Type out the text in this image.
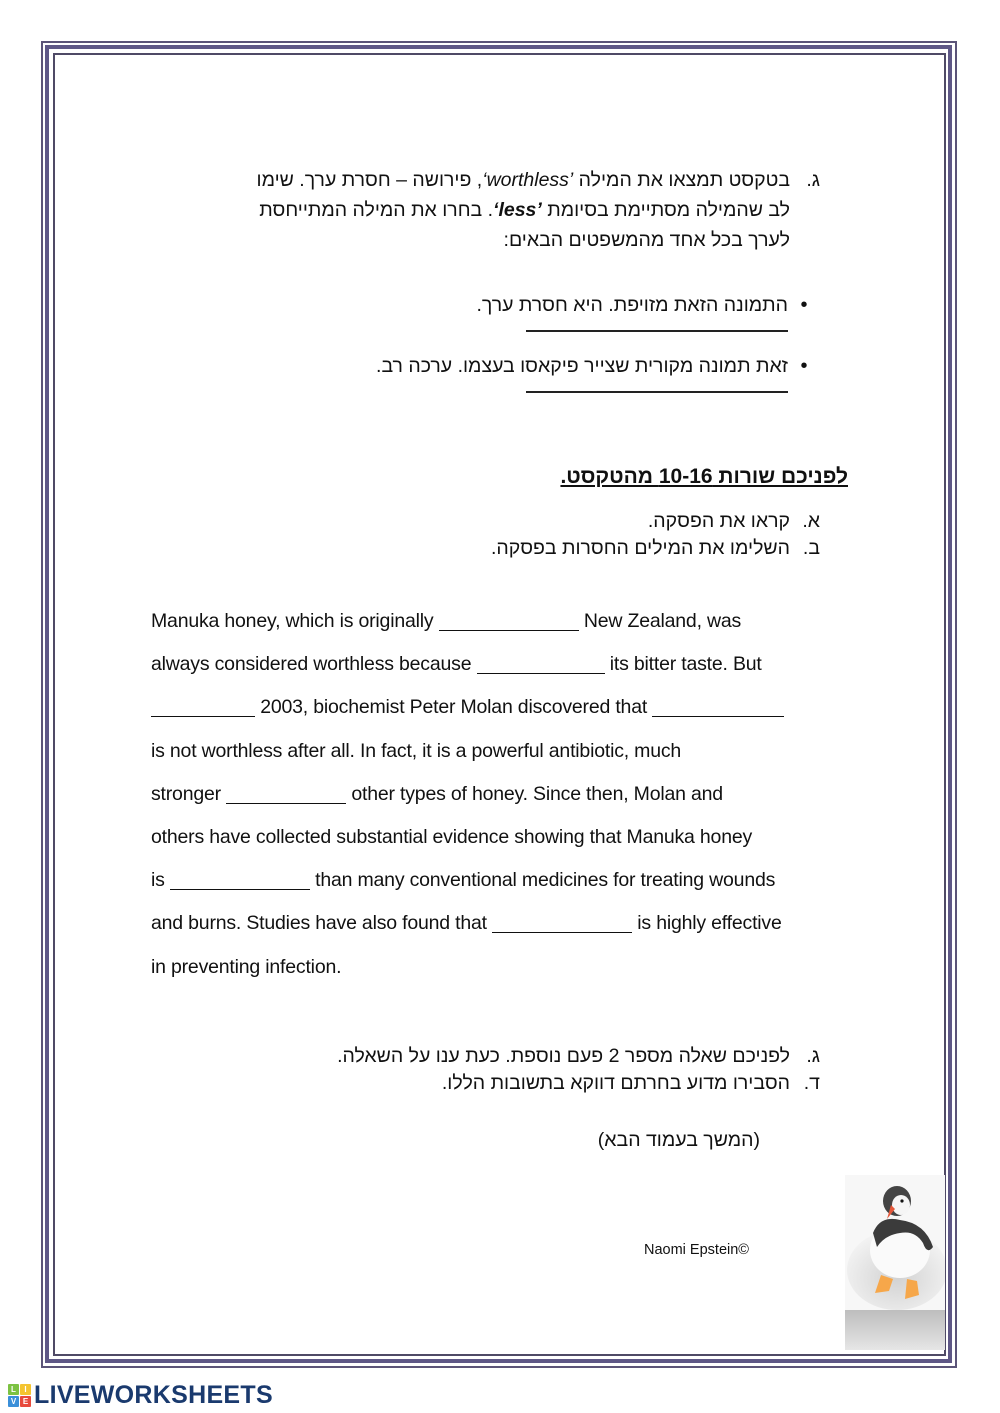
ג.
בטקסט תמצאו את המילה ‘worthless’, פירושה – חסרת ערך. שימו
לב שהמילה מסתיימת בסיומת ‘less’. בחרו את המילה המתייחסת
לערך בכל אחד מהמשפטים הבאים:
•
התמונה הזאת מזויפת. היא חסרת ערך.
•
זאת תמונה מקורית שצייר פיקאסו בעצמו. ערכה רב.
לפניכם שורות 10-16 מהטקסט.
א.
קראו את הפסקה.
ב.
השלימו את המילים החסרות בפסקה.
Manuka honey, which is originally	New Zealand, was
always considered worthless because	its bitter taste. But
2003, biochemist Peter Molan discovered that
is not worthless after all. In fact, it is a powerful antibiotic, much
stronger	other types of honey. Since then, Molan and
others have collected substantial evidence showing that Manuka honey
is	than many conventional medicines for treating wounds
and burns. Studies have also found that	is highly effective
in preventing infection.
ג.
לפניכם שאלה מספר 2 פעם נוספת. כעת ענו על השאלה.
ד.
הסבירו מדוע בחרתם דווקא בתשובות הללו.
(המשך בעמוד הבא)
Naomi Epstein©
L	I
V E LIVEWORKSHEETS
